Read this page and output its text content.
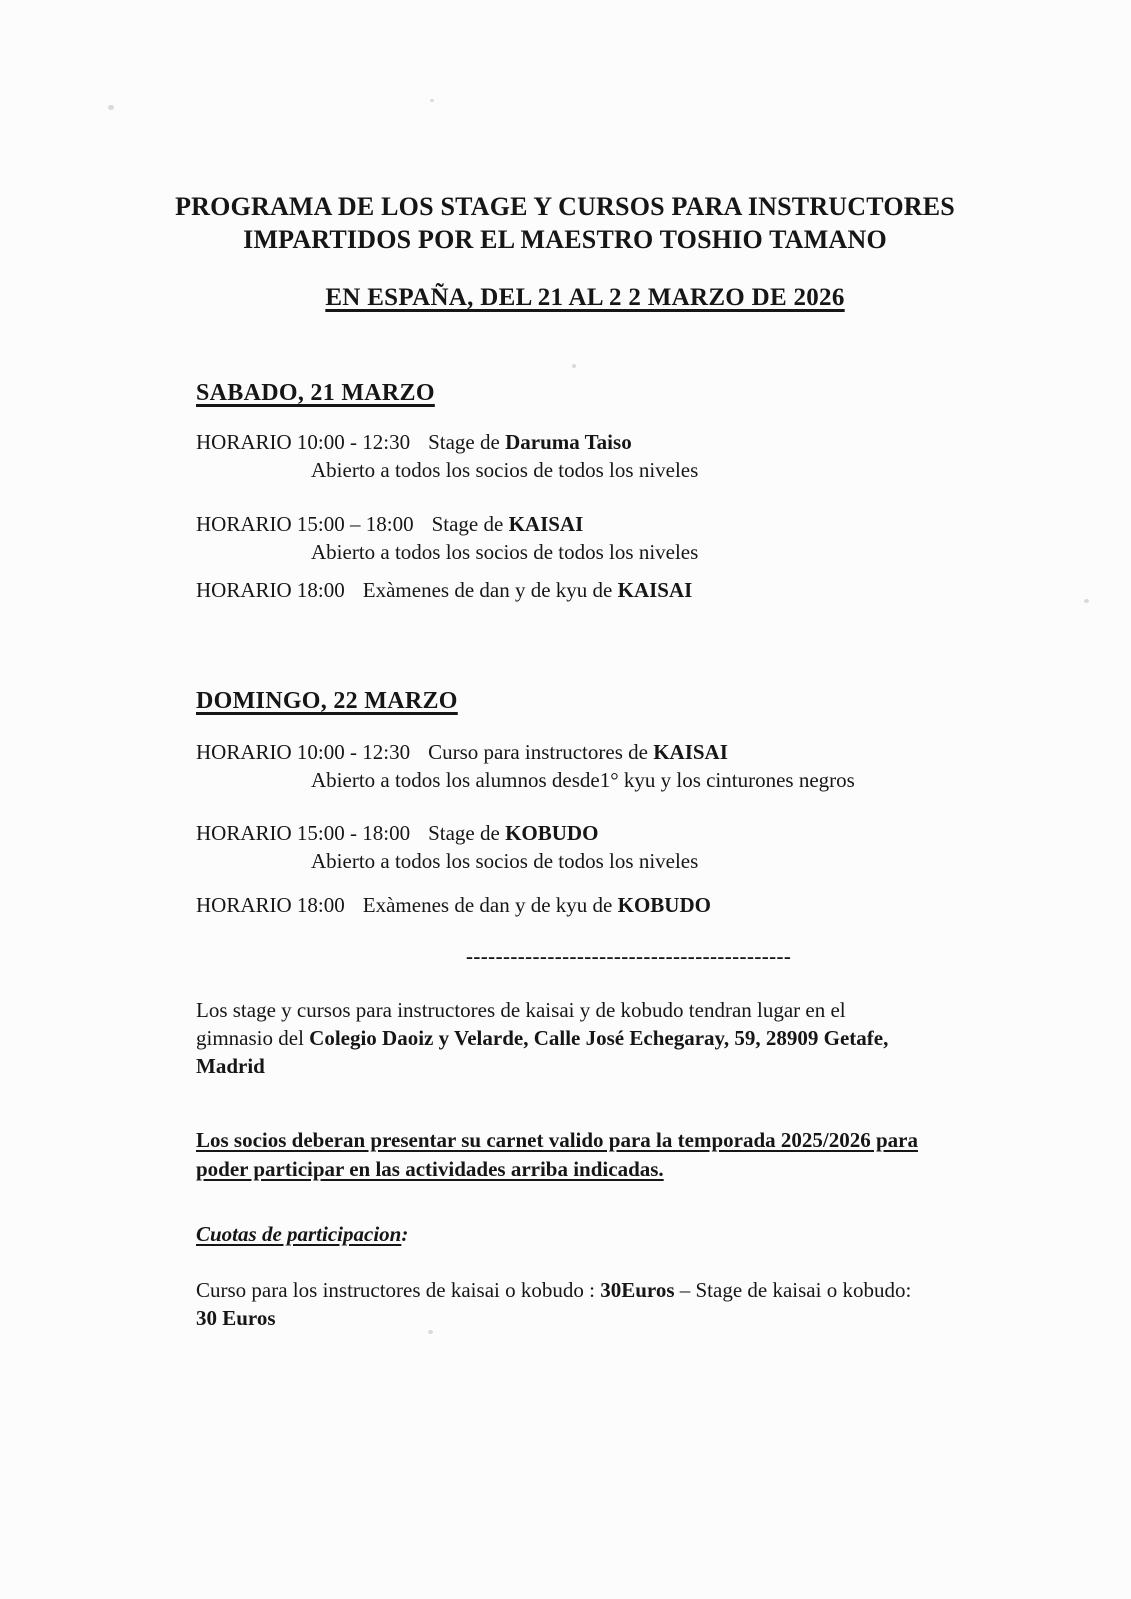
PROGRAMA DE LOS STAGE Y CURSOS PARA INSTRUCTORES
IMPARTIDOS POR EL MAESTRO TOSHIO TAMANO
EN ESPAÑA, DEL 21 AL 2 2 MARZO DE 2026
SABADO, 21 MARZO
HORARIO 10:00 - 12:30 Stage de Daruma Taiso
Abierto a todos los socios de todos los niveles
HORARIO 15:00 – 18:00 Stage de KAISAI
Abierto a todos los socios de todos los niveles
HORARIO 18:00 Exàmenes de dan y de kyu de KAISAI
DOMINGO, 22 MARZO
HORARIO 10:00 - 12:30 Curso para instructores de KAISAI
Abierto a todos los alumnos desde1° kyu y los cinturones negros
HORARIO 15:00 - 18:00 Stage de KOBUDO
Abierto a todos los socios de todos los niveles
HORARIO 18:00 Exàmenes de dan y de kyu de KOBUDO
--------------------------------------------
Los stage y cursos para instructores de kaisai y de kobudo tendran lugar en el
gimnasio del Colegio Daoiz y Velarde, Calle José Echegaray, 59, 28909 Getafe,
Madrid
Los socios deberan presentar su carnet valido para la temporada 2025/2026 para
poder participar en las actividades arriba indicadas.
Cuotas de participacion:
Curso para los instructores de kaisai o kobudo : 30Euros – Stage de kaisai o kobudo:
30 Euros
